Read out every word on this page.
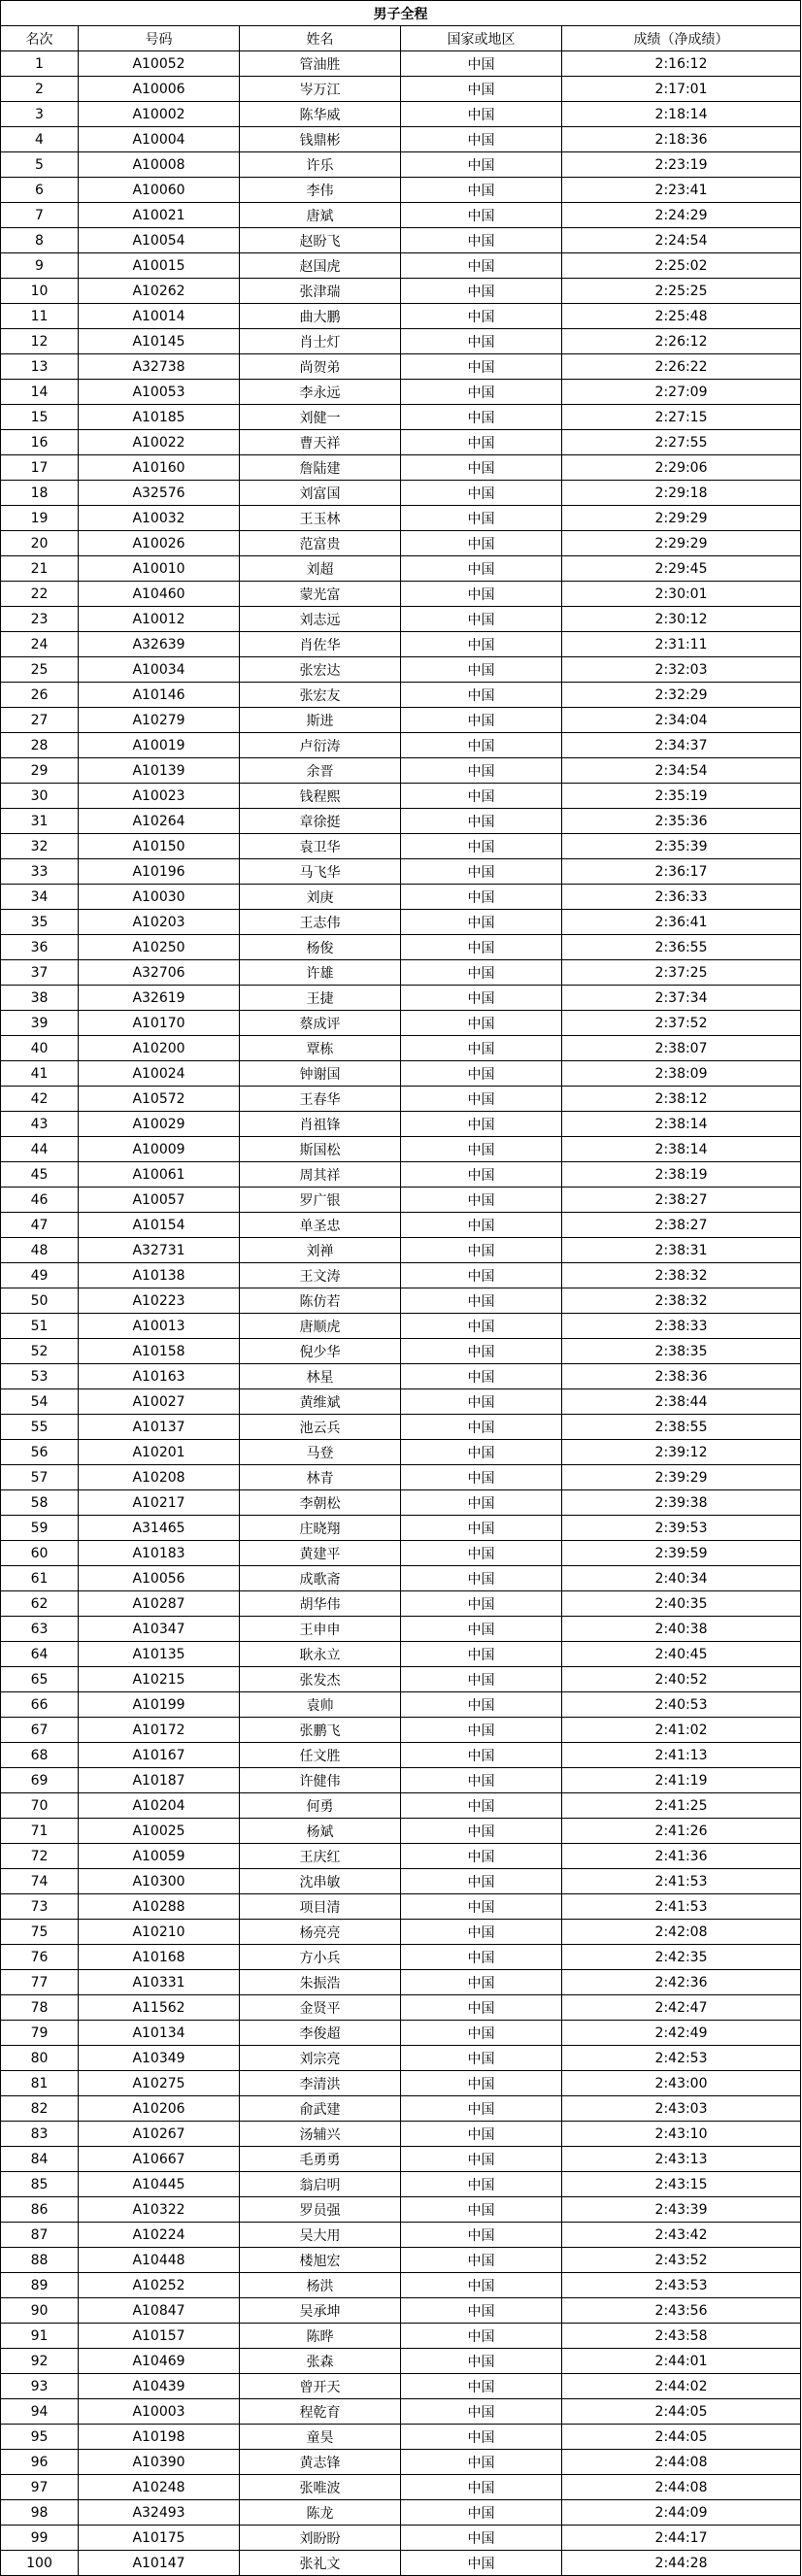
男子全程				
名次	号码	姓名	国家或地区	成绩（净成绩）
1	A10052	管油胜	中国	2:16:12
2	A10006	岑万江	中国	2:17:01
3	A10002	陈华威	中国	2:18:14
4	A10004	钱鼎彬	中国	2:18:36
5	A10008	许乐	中国	2:23:19
6	A10060	李伟	中国	2:23:41
7	A10021	唐斌	中国	2:24:29
8	A10054	赵盼飞	中国	2:24:54
9	A10015	赵国虎	中国	2:25:02
10	A10262	张津瑞	中国	2:25:25
11	A10014	曲大鹏	中国	2:25:48
12	A10145	肖士灯	中国	2:26:12
13	A32738	尚贺弟	中国	2:26:22
14	A10053	李永远	中国	2:27:09
15	A10185	刘健一	中国	2:27:15
16	A10022	曹天祥	中国	2:27:55
17	A10160	詹陆建	中国	2:29:06
18	A32576	刘富国	中国	2:29:18
19	A10032	王玉林	中国	2:29:29
20	A10026	范富贵	中国	2:29:29
21	A10010	刘超	中国	2:29:45
22	A10460	蒙光富	中国	2:30:01
23	A10012	刘志远	中国	2:30:12
24	A32639	肖佐华	中国	2:31:11
25	A10034	张宏达	中国	2:32:03
26	A10146	张宏友	中国	2:32:29
27	A10279	斯进	中国	2:34:04
28	A10019	卢衍涛	中国	2:34:37
29	A10139	余晋	中国	2:34:54
30	A10023	钱程熙	中国	2:35:19
31	A10264	章徐挺	中国	2:35:36
32	A10150	袁卫华	中国	2:35:39
33	A10196	马飞华	中国	2:36:17
34	A10030	刘庚	中国	2:36:33
35	A10203	王志伟	中国	2:36:41
36	A10250	杨俊	中国	2:36:55
37	A32706	许雄	中国	2:37:25
38	A32619	王捷	中国	2:37:34
39	A10170	蔡成评	中国	2:37:52
40	A10200	覃栋	中国	2:38:07
41	A10024	钟谢国	中国	2:38:09
42	A10572	王春华	中国	2:38:12
43	A10029	肖祖锋	中国	2:38:14
44	A10009	斯国松	中国	2:38:14
45	A10061	周其祥	中国	2:38:19
46	A10057	罗广银	中国	2:38:27
47	A10154	单圣忠	中国	2:38:27
48	A32731	刘禅	中国	2:38:31
49	A10138	王文涛	中国	2:38:32
50	A10223	陈仿若	中国	2:38:32
51	A10013	唐顺虎	中国	2:38:33
52	A10158	倪少华	中国	2:38:35
53	A10163	林星	中国	2:38:36
54	A10027	黄维斌	中国	2:38:44
55	A10137	池云兵	中国	2:38:55
56	A10201	马登	中国	2:39:12
57	A10208	林青	中国	2:39:29
58	A10217	李朝松	中国	2:39:38
59	A31465	庄晓翔	中国	2:39:53
60	A10183	黄建平	中国	2:39:59
61	A10056	成歌斋	中国	2:40:34
62	A10287	胡华伟	中国	2:40:35
63	A10347	王申申	中国	2:40:38
64	A10135	耿永立	中国	2:40:45
65	A10215	张发杰	中国	2:40:52
66	A10199	袁帅	中国	2:40:53
67	A10172	张鹏飞	中国	2:41:02
68	A10167	任文胜	中国	2:41:13
69	A10187	许健伟	中国	2:41:19
70	A10204	何勇	中国	2:41:25
71	A10025	杨斌	中国	2:41:26
72	A10059	王庆红	中国	2:41:36
74	A10300	沈串敏	中国	2:41:53
73	A10288	项目清	中国	2:41:53
75	A10210	杨亮亮	中国	2:42:08
76	A10168	方小兵	中国	2:42:35
77	A10331	朱振浩	中国	2:42:36
78	A11562	金贤平	中国	2:42:47
79	A10134	李俊超	中国	2:42:49
80	A10349	刘宗亮	中国	2:42:53
81	A10275	李清洪	中国	2:43:00
82	A10206	俞武建	中国	2:43:03
83	A10267	汤辅兴	中国	2:43:10
84	A10667	毛勇勇	中国	2:43:13
85	A10445	翁启明	中国	2:43:15
86	A10322	罗员强	中国	2:43:39
87	A10224	吴大用	中国	2:43:42
88	A10448	楼旭宏	中国	2:43:52
89	A10252	杨洪	中国	2:43:53
90	A10847	吴承坤	中国	2:43:56
91	A10157	陈晔	中国	2:43:58
92	A10469	张森	中国	2:44:01
93	A10439	曾开天	中国	2:44:02
94	A10003	程乾育	中国	2:44:05
95	A10198	童昊	中国	2:44:05
96	A10390	黄志锋	中国	2:44:08
97	A10248	张唯波	中国	2:44:08
98	A32493	陈龙	中国	2:44:09
99	A10175	刘盼盼	中国	2:44:17
100	A10147	张礼文	中国	2:44:28
